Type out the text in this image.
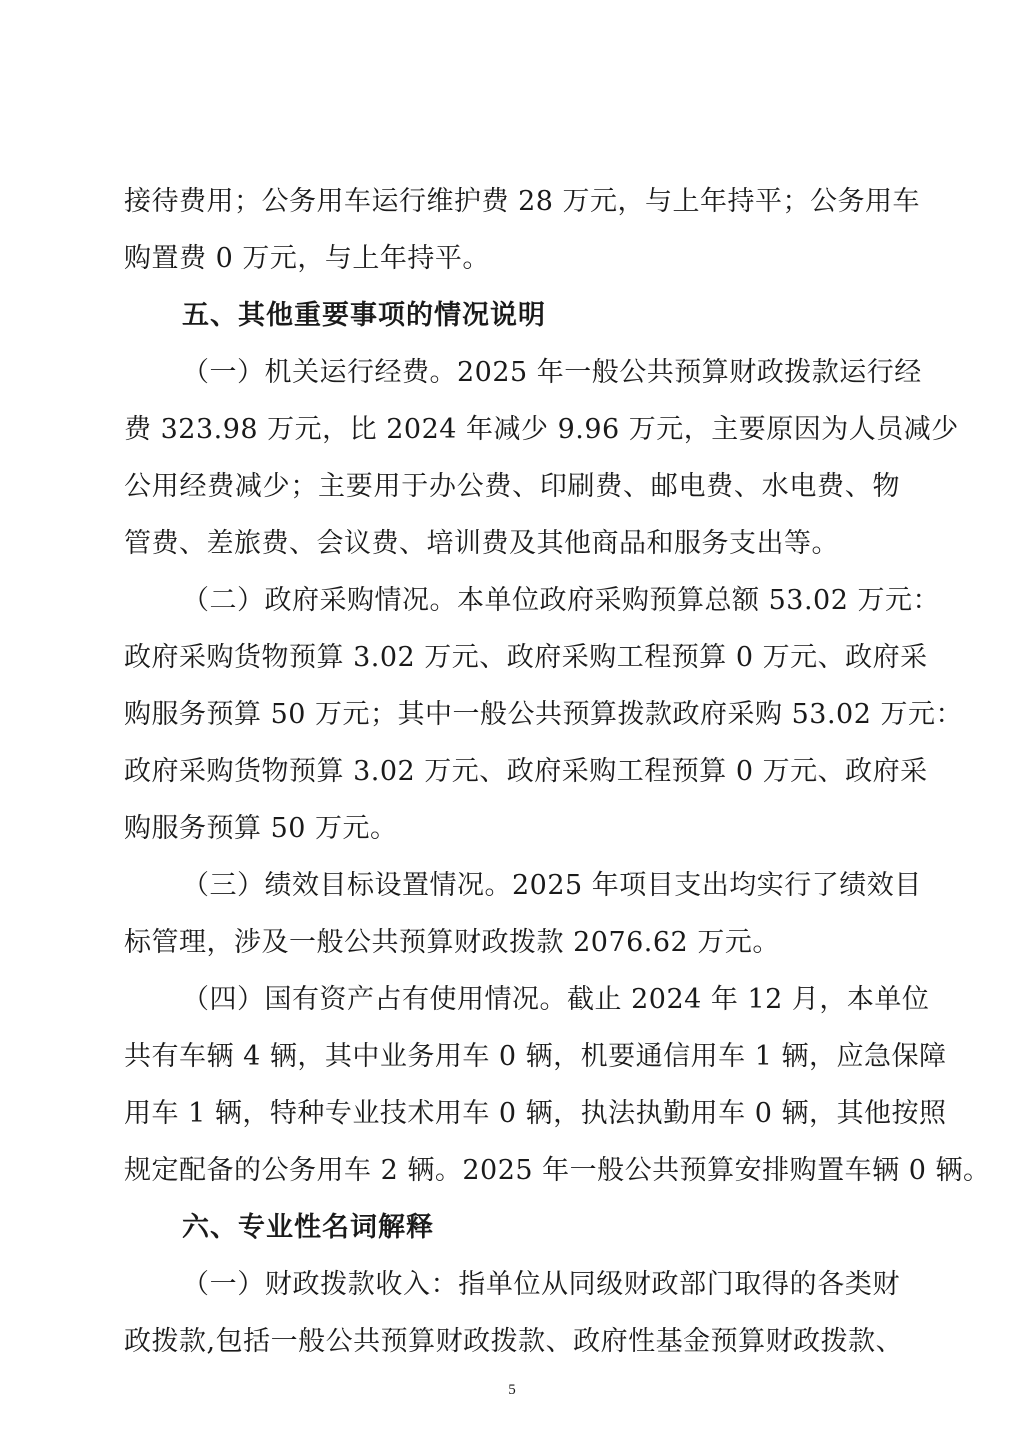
接待费用；公务用车运行维护费 28 万元，与上年持平；公务用车
购置费 0 万元，与上年持平。
五、其他重要事项的情况说明
（一）机关运行经费。2025 年一般公共预算财政拨款运行经
费 323.98 万元，比 2024 年减少 9.96 万元，主要原因为人员减少
公用经费减少；主要用于办公费、印刷费、邮电费、水电费、物
管费、差旅费、会议费、培训费及其他商品和服务支出等。
（二）政府采购情况。本单位政府采购预算总额 53.02 万元：
政府采购货物预算 3.02 万元、政府采购工程预算 0 万元、政府采
购服务预算 50 万元；其中一般公共预算拨款政府采购 53.02 万元：
政府采购货物预算 3.02 万元、政府采购工程预算 0 万元、政府采
购服务预算 50 万元。
（三）绩效目标设置情况。2025 年项目支出均实行了绩效目
标管理，涉及一般公共预算财政拨款 2076.62 万元。
（四）国有资产占有使用情况。截止 2024 年 12 月，本单位
共有车辆 4 辆，其中业务用车 0 辆，机要通信用车 1 辆，应急保障
用车 1 辆，特种专业技术用车 0 辆，执法执勤用车 0 辆，其他按照
规定配备的公务用车 2 辆。2025 年一般公共预算安排购置车辆 0 辆。
六、专业性名词解释
（一）财政拨款收入：指单位从同级财政部门取得的各类财
政拨款,包括一般公共预算财政拨款、政府性基金预算财政拨款、
5
